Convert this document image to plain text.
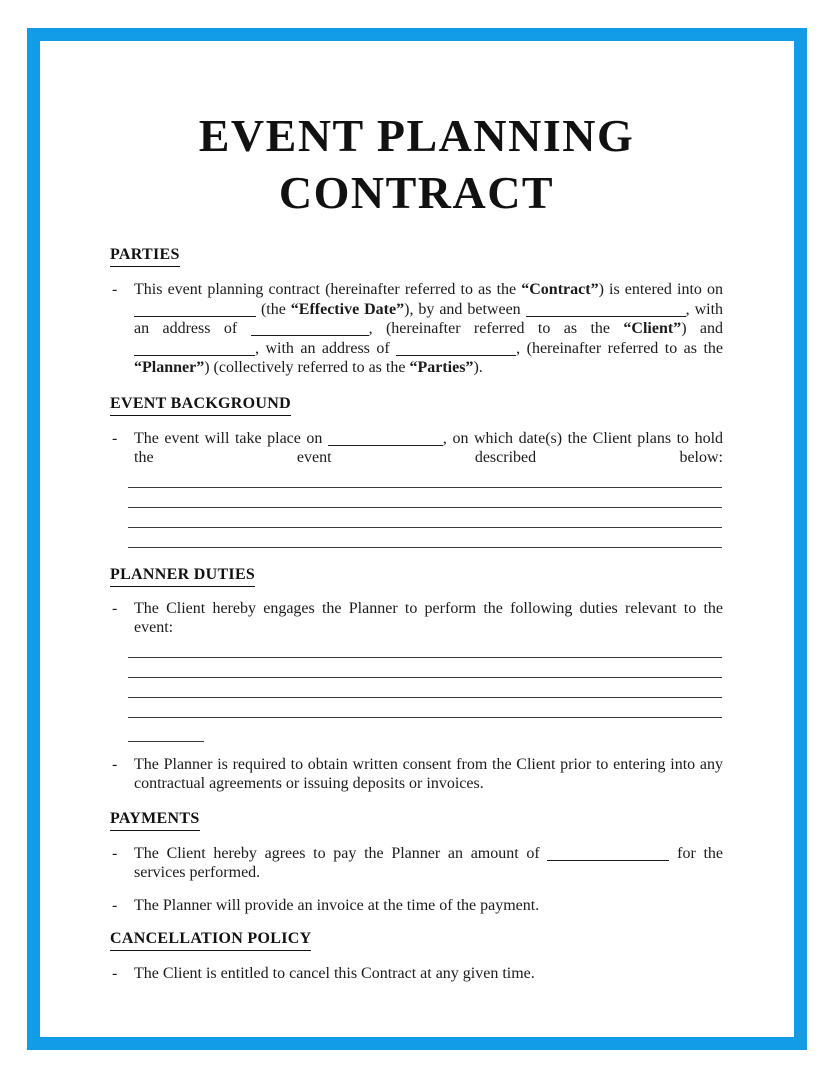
EVENT PLANNING
CONTRACT
PARTIES
- This event planning contract (hereinafter referred to as the “Contract”) is entered into on  (the “Effective Date”), by and between	, with an address of	, (hereinafter referred to as the “Client”) and , with an address of	, (hereinafter referred to as the “Planner”) (collectively referred to as the “Parties”).
EVENT BACKGROUND
- The event will take place on	, on which date(s) the Client plans to hold the event described below:
PLANNER DUTIES
- The Client hereby engages the Planner to perform the following duties relevant to the event:
- The Planner is required to obtain written consent from the Client prior to entering into any contractual agreements or issuing deposits or invoices.
PAYMENTS
- The Client hereby agrees to pay the Planner an amount of	for the services performed.
- The Planner will provide an invoice at the time of the payment.
CANCELLATION POLICY
- The Client is entitled to cancel this Contract at any given time.
